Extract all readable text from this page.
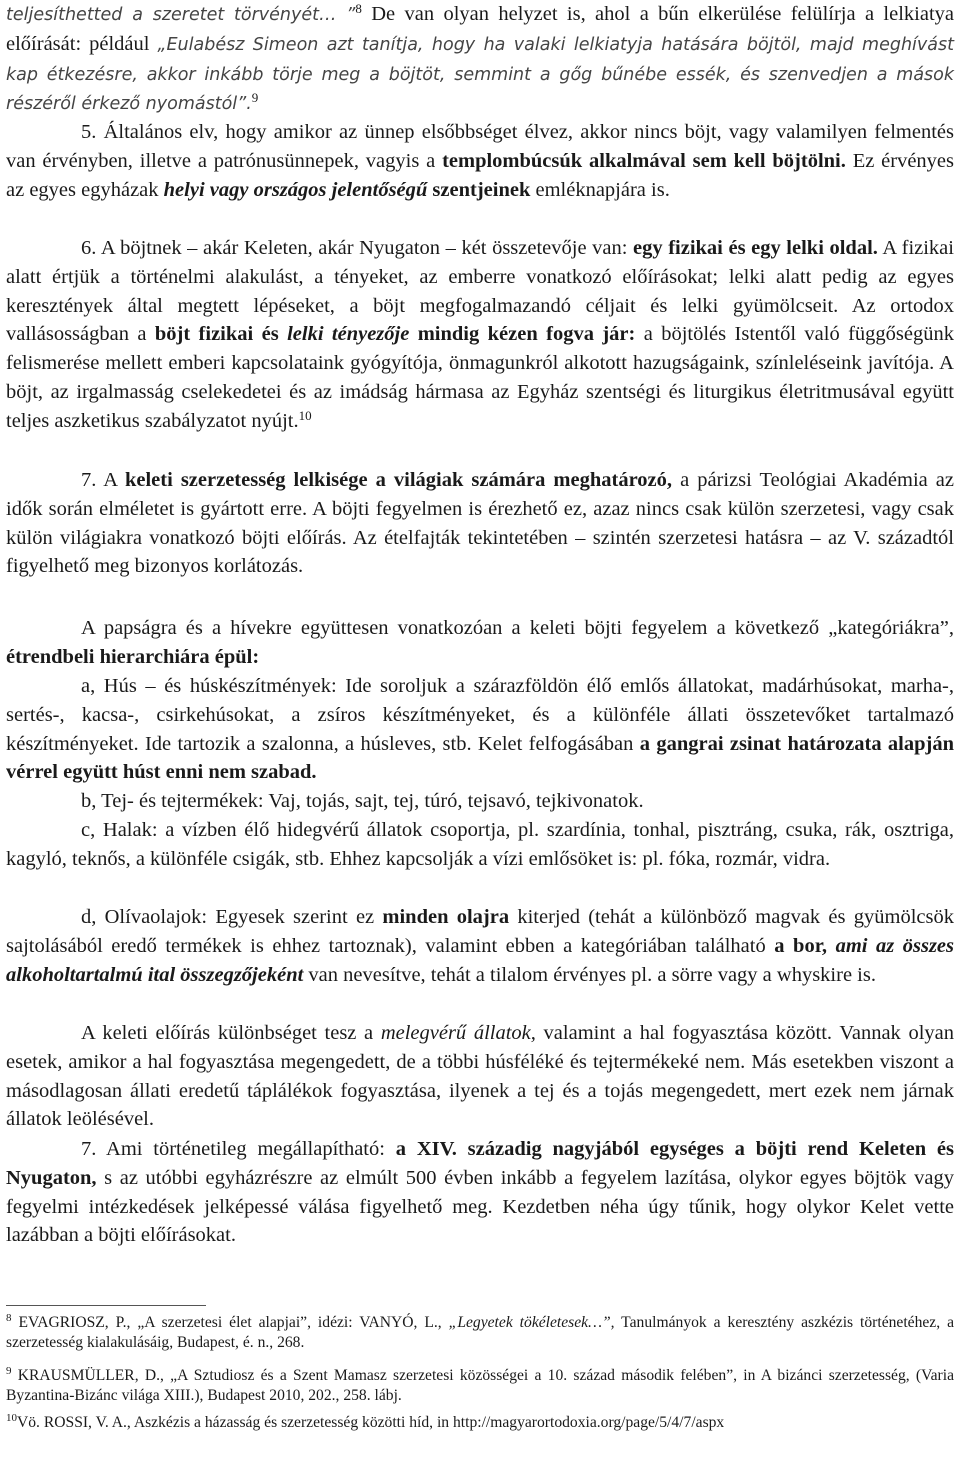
teljesíthetted a szeretet törvényét… ”$^8$ De van olyan helyzet is, ahol a bűn elkerülése felülírja a lelkiatya előírását: például „Eulabész Simeon azt tanítja, hogy ha valaki lelkiatyja hatására böjtöl, majd meghívást kap étkezésre, akkor inkább törje meg a böjtöt, semmint a gőg bűnébe essék, és szenvedjen a mások részéről érkező nyomástól”.$^9$

5. Általános elv, hogy amikor az ünnep elsőbbséget élvez, akkor nincs böjt, vagy valamilyen felmentés van érvényben, illetve a patrónusünnepek, vagyis a templombúcsúk alkalmával sem kell böjtölni. Ez érvényes az egyes egyházak helyi vagy országos jelentőségű szentjeinek emléknapjára is.

6. A böjtnek – akár Keleten, akár Nyugaton – két összetevője van: egy fizikai és egy lelki oldal. A fizikai alatt értjük a történelmi alakulást, a tényeket, az emberre vonatkozó előírásokat; lelki alatt pedig az egyes keresztények által megtett lépéseket, a böjt megfogalmazandó céljait és lelki gyümölcseit. Az ortodox vallásosságban a böjt fizikai és lelki tényezője mindig kézen fogva jár: a böjtölés Istentől való függőségünk felismerése mellett emberi kapcsolataink gyógyítója, önmagunkról alkotott hazugságaink, színleléseink javítója. A böjt, az irgalmasság cselekedetei és az imádság hármasa az Egyház szentségi és liturgikus életritmusával együtt teljes aszketikus szabályzatot nyújt.$^{10}$

7. A keleti szerzetesség lelkisége a világiak számára meghatározó, a párizsi Teológiai Akadémia az idők során elméletet is gyártott erre. A böjti fegyelmen is érezhető ez, azaz nincs csak külön szerzetesi, vagy csak külön világiakra vonatkozó böjti előírás. Az ételfajták tekintetében – szintén szerzetesi hatásra – az V. századtól figyelhető meg bizonyos korlátozás.

A papságra és a hívekre együttesen vonatkozóan a keleti böjti fegyelem a következő „kategóriákra”, étrendbeli hierarchiára épül:

a, Hús – és húskészítmények: Ide soroljuk a szárazföldön élő emlős állatokat, madárhúsokat, marha-, sertés-, kacsa-, csirkehúsokat, a zsíros készítményeket, és a különféle állati összetevőket tartalmazó készítményeket. Ide tartozik a szalonna, a húsleves, stb. Kelet felfogásában a gangrai zsinat határozata alapján vérrel együtt húst enni nem szabad.

b, Tej- és tejtermékek: Vaj, tojás, sajt, tej, túró, tejsavó, tejkivonatok.

c, Halak: a vízben élő hidegvérű állatok csoportja, pl. szardínia, tonhal, pisztráng, csuka, rák, osztriga, kagyló, teknős, a különféle csigák, stb. Ehhez kapcsolják a vízi emlősöket is: pl. fóka, rozmár, vidra.

d, Olívaolajok: Egyesek szerint ez minden olajra kiterjed (tehát a különböző magvak és gyümölcsök sajtolásából eredő termékek is ehhez tartoznak), valamint ebben a kategóriában található a bor, ami az összes alkoholtartalmú ital összegzőjeként van nevesítve, tehát a tilalom érvényes pl. a sörre vagy a whyskire is.

A keleti előírás különbséget tesz a melegvérű állatok, valamint a hal fogyasztása között. Vannak olyan esetek, amikor a hal fogyasztása megengedett, de a többi húsféléké és tejtermékeké nem. Más esetekben viszont a másodlagosan állati eredetű táplálékok fogyasztása, ilyenek a tej és a tojás megengedett, mert ezek nem járnak állatok leölésével.

7. Ami történetileg megállapítható: a XIV. századig nagyjából egységes a böjti rend Keleten és Nyugaton, s az utóbbi egyházrészre az elmúlt 500 évben inkább a fegyelem lazítása, olykor egyes böjtök vagy fegyelmi intézkedések jelképessé válása figyelhető meg. Kezdetben néha úgy tűnik, hogy olykor Kelet vette lazábban a böjti előírásokat.

$^8$ EVAGRIOSZ, P., „A szerzetesi élet alapjai”, idézi: VANYÓ, L., „Legyetek tökéletesek…”, Tanulmányok a keresztény aszkézis történetéhez, a szerzetesség kialakulásáig, Budapest, é. n., 268.

$^9$ KRAUSMÜLLER, D., „A Sztudiosz és a Szent Mamasz szerzetesi közösségei a 10. század második felében”, in A bizánci szerzetesség, (Varia Byzantina-Bizánc világa XIII.), Budapest 2010, 202., 258. lábj.

$^{10}$Vö. ROSSI, V. A., Aszkézis a házasság és szerzetesség közötti híd, in http://magyarortodoxia.org/page/5/4/7/aspx
